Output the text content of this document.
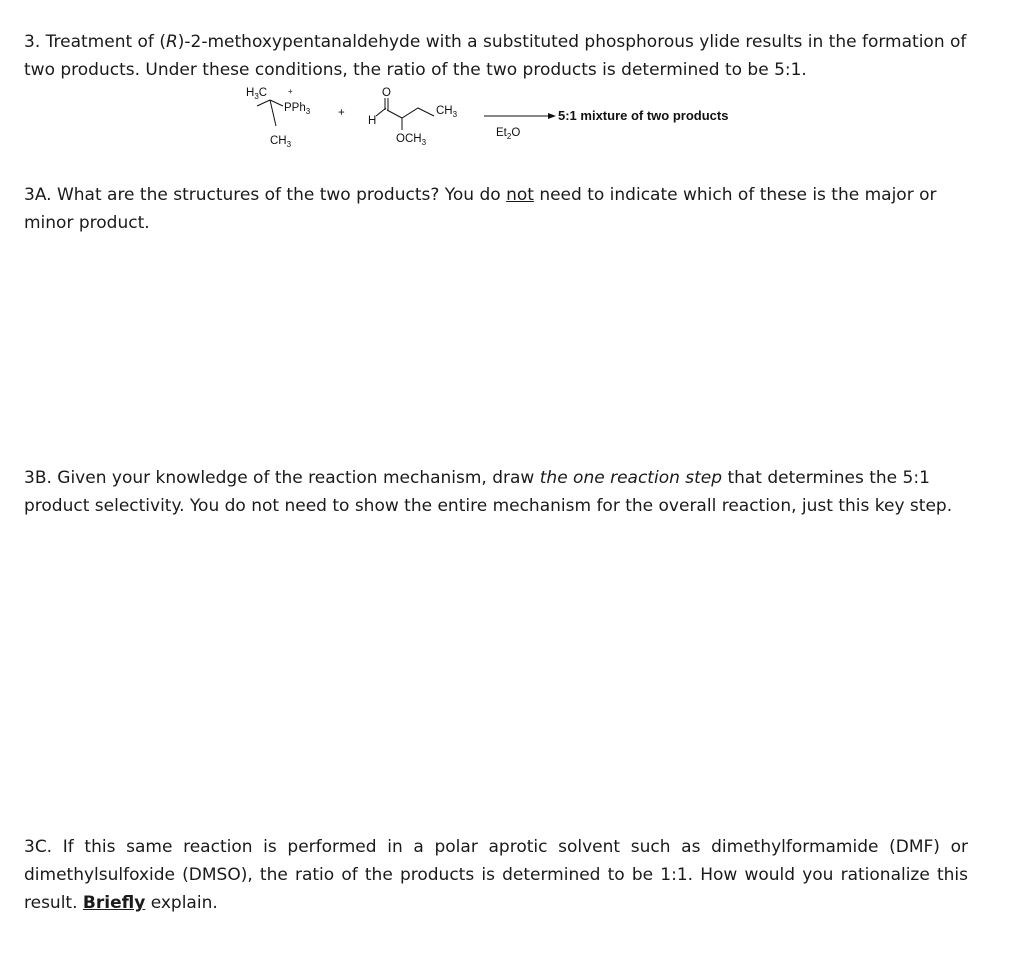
3. Treatment of (R)-2-methoxypentanaldehyde with a substituted phosphorous ylide results in the formation of two products. Under these conditions, the ratio of the two products is determined to be 5:1.

$H_3C$	+
PPh$_3$
$CH_3$
+
H
O
$CH_3$
$OCH_3$
$Et_2O$
5:1 mixture of two products

3A. What are the structures of the two products? You do not need to indicate which of these is the major or minor product.

3B. Given your knowledge of the reaction mechanism, draw the one reaction step that determines the 5:1 product selectivity. You do not need to show the entire mechanism for the overall reaction, just this key step.

3C. If this same reaction is performed in a polar aprotic solvent such as dimethylformamide (DMF) or dimethylsulfoxide (DMSO), the ratio of the products is determined to be 1:1. How would you rationalize this result. Briefly explain.
